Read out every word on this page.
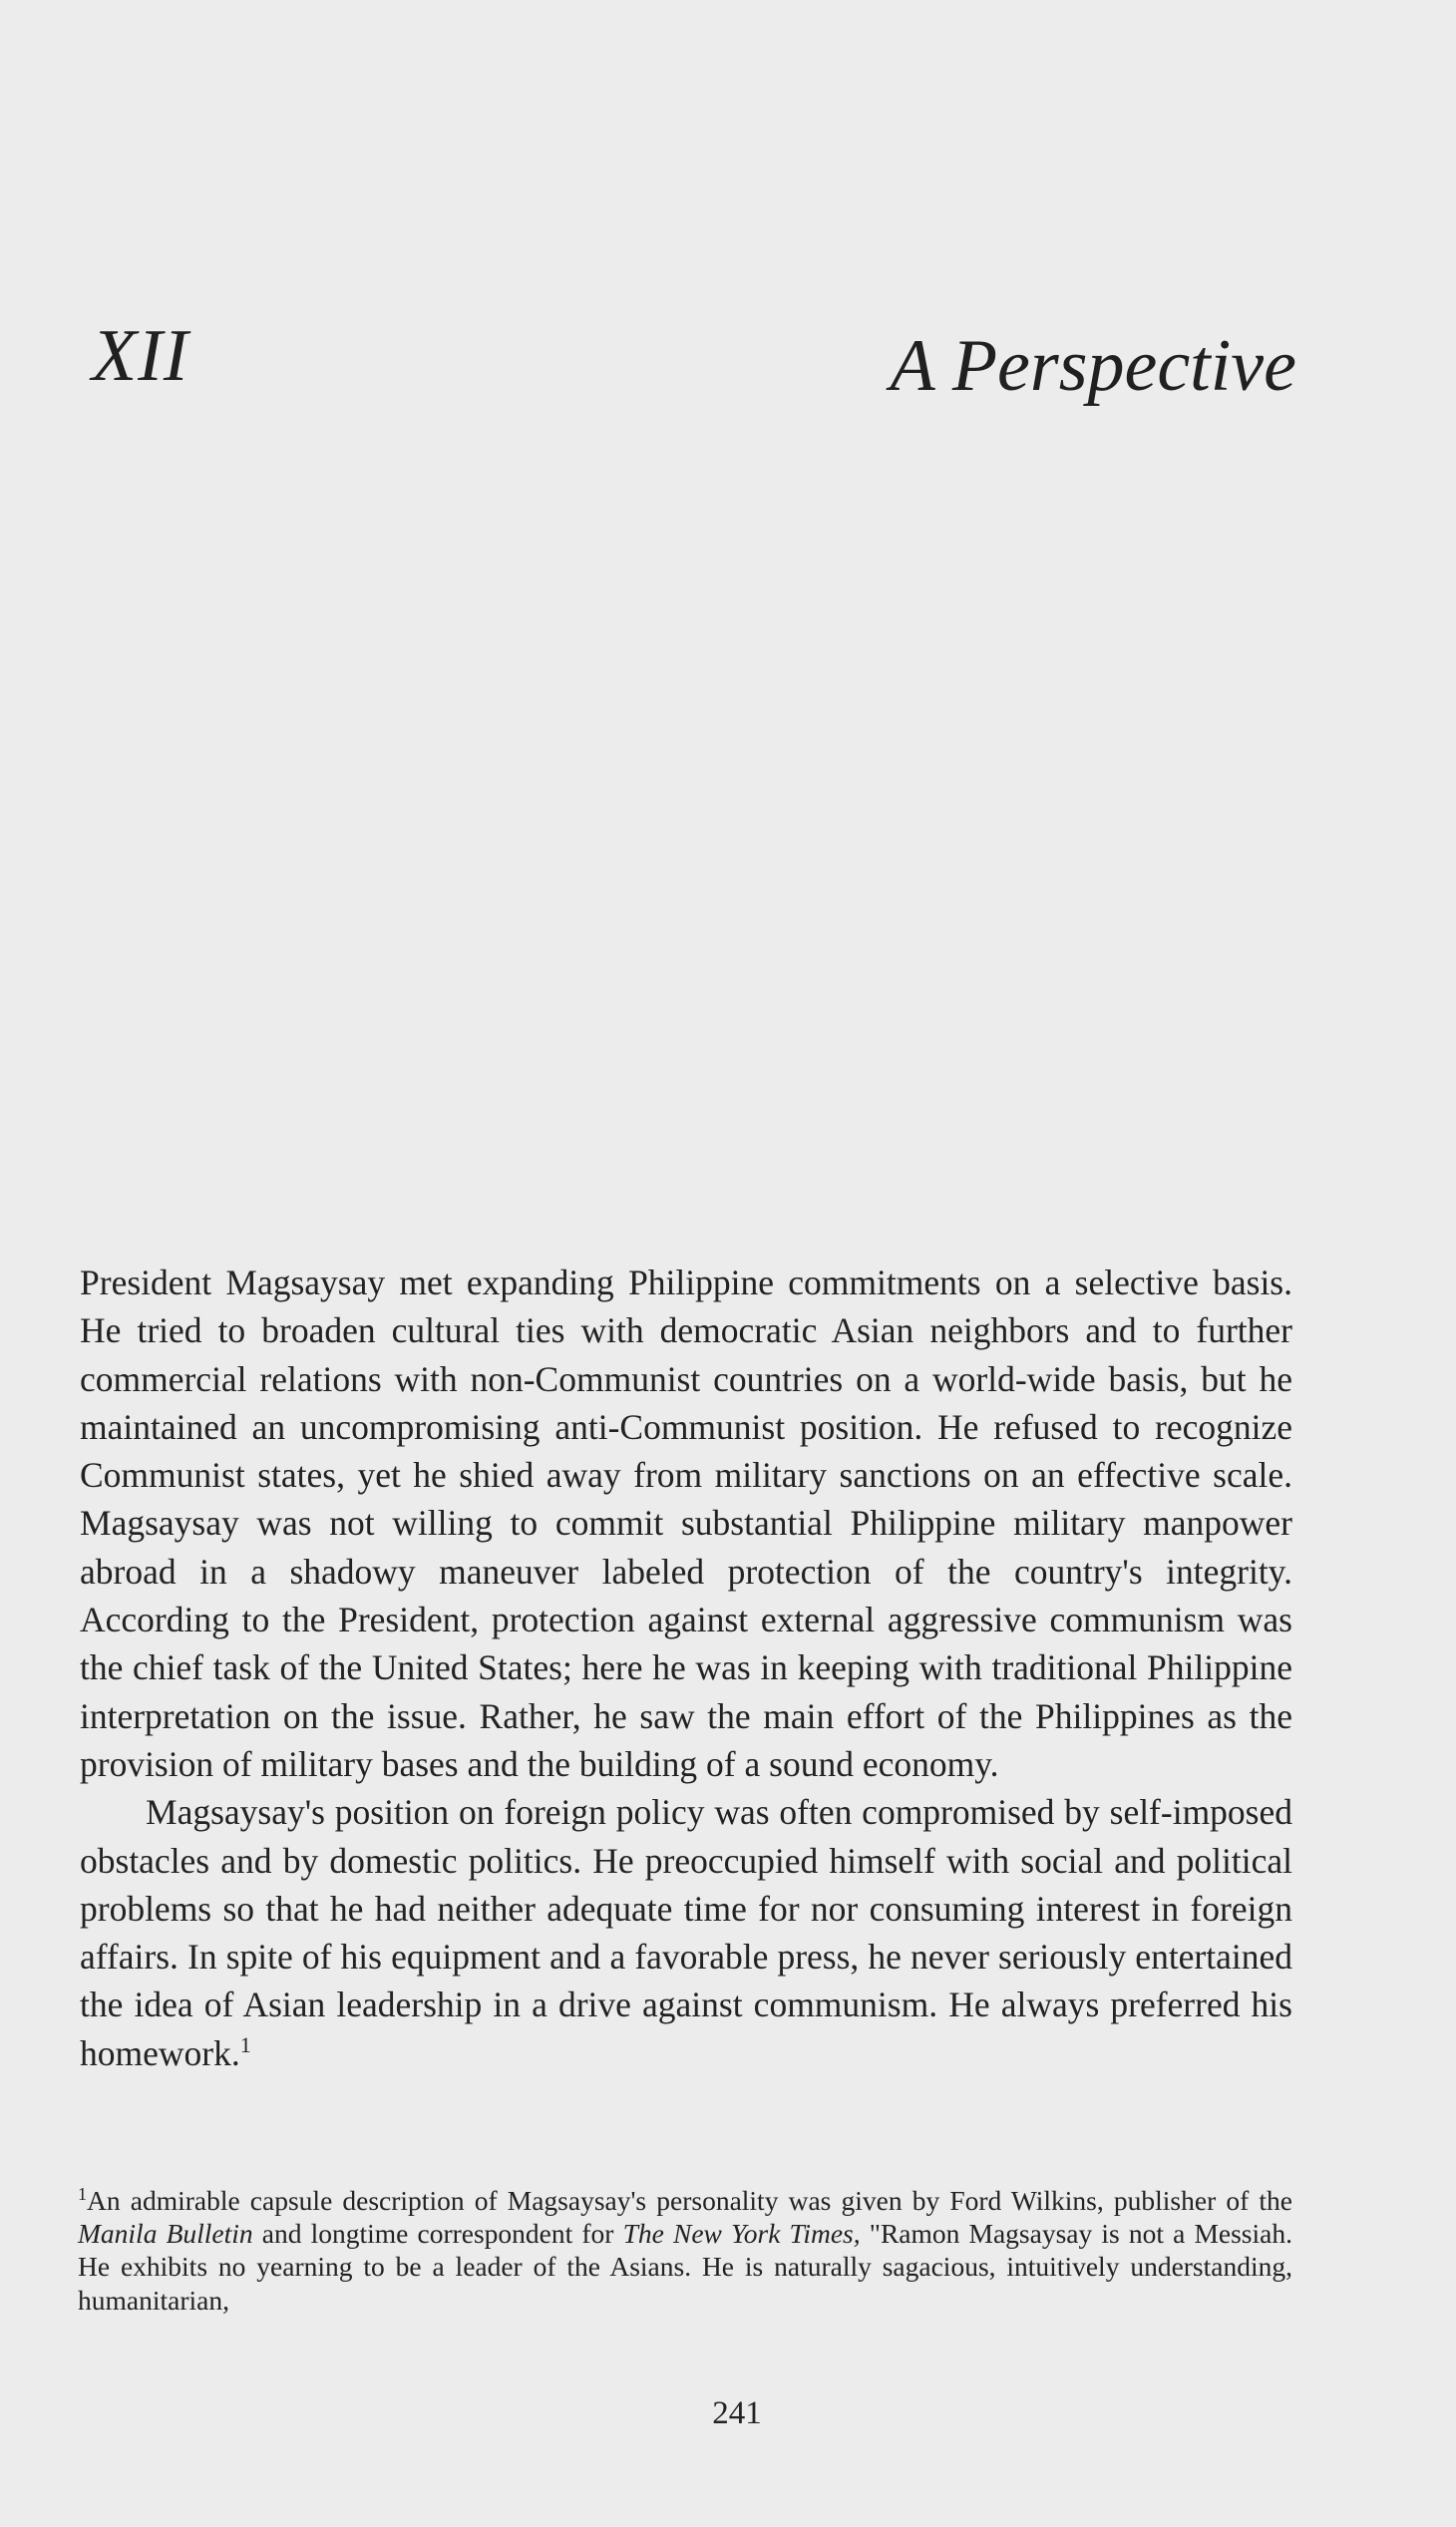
XII	A Perspective

President Magsaysay met expanding Philippine commitments on a selective basis. He tried to broaden cultural ties with democratic Asian neighbors and to further commercial relations with non-Communist countries on a world-wide basis, but he maintained an uncompromising anti-Communist position. He refused to recognize Communist states, yet he shied away from military sanctions on an effective scale. Magsaysay was not willing to commit substantial Philippine military manpower abroad in a shadowy maneuver labeled protection of the country's integrity. According to the President, protection against external aggressive communism was the chief task of the United States; here he was in keeping with traditional Philippine interpretation on the issue. Rather, he saw the main effort of the Philippines as the provision of military bases and the building of a sound economy.

Magsaysay's position on foreign policy was often compromised by self-imposed obstacles and by domestic politics. He preoccupied himself with social and political problems so that he had neither adequate time for nor consuming interest in foreign affairs. In spite of his equipment and a favorable press, he never seriously entertained the idea of Asian leadership in a drive against communism. He always preferred his homework.$^1$

$^1$An admirable capsule description of Magsaysay's personality was given by Ford Wilkins, publisher of the Manila Bulletin and longtime correspondent for The New York Times, "Ramon Magsaysay is not a Messiah. He exhibits no yearning to be a leader of the Asians. He is naturally sagacious, intuitively understanding, humanitarian,

241
